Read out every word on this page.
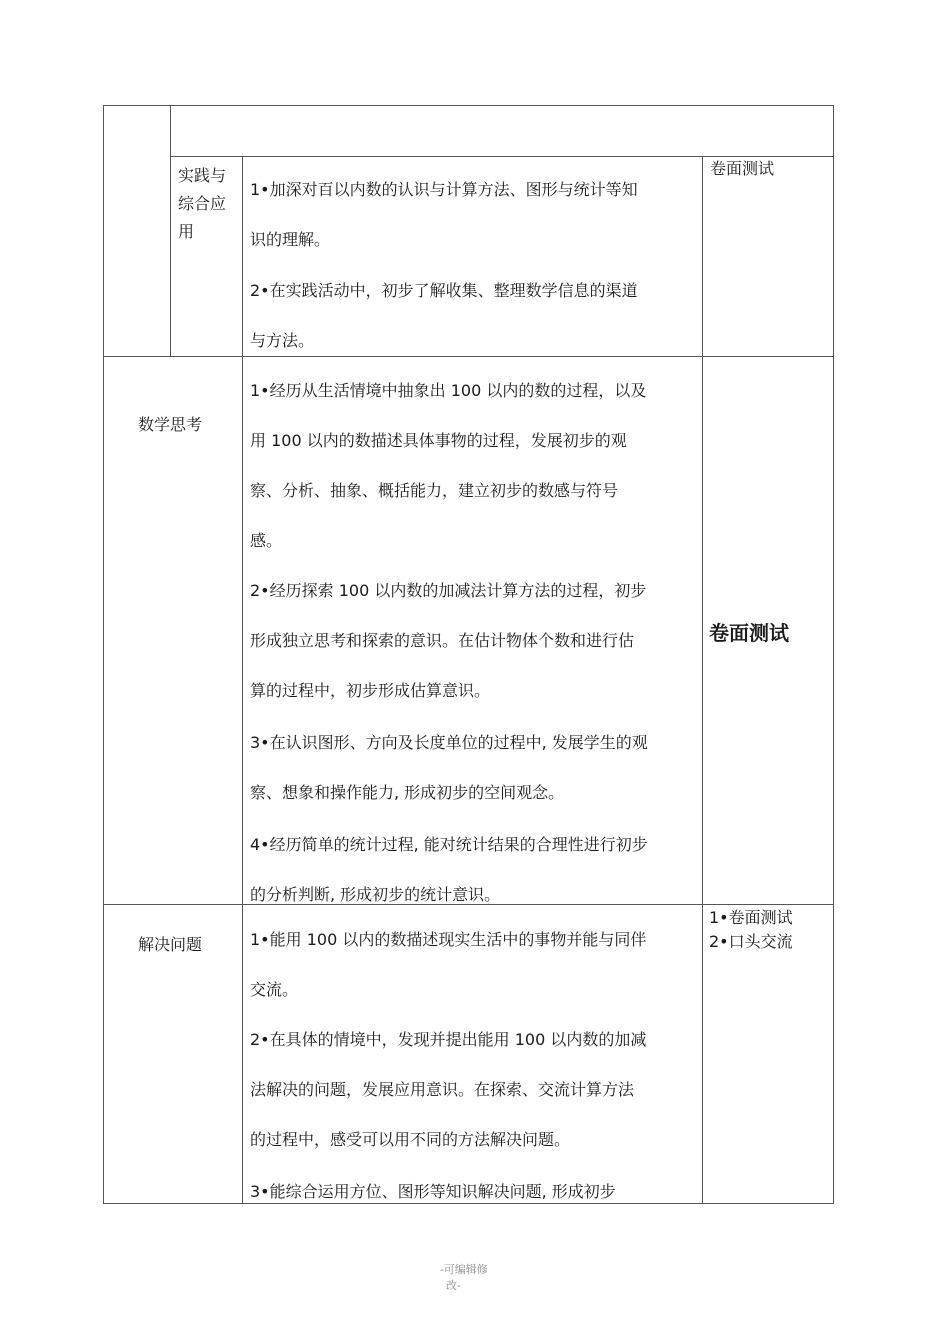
实践与
综合应
用
1•加深对百以内数的认识与计算方法、图形与统计等知
识的理解。
2•在实践活动中，初步了解收集、整理数学信息的渠道
与方法。
卷面测试
数学思考
1•经历从生活情境中抽象出 100 以内的数的过程，以及
用 100 以内的数描述具体事物的过程，发展初步的观
察、分析、抽象、概括能力，建立初步的数感与符号
感。
2•经历探索 100 以内数的加减法计算方法的过程，初步
形成独立思考和探索的意识。在估计物体个数和进行估
算的过程中，初步形成估算意识。
3•在认识图形、方向及长度单位的过程中, 发展学生的观
察、想象和操作能力, 形成初步的空间观念。
4•经历简单的统计过程, 能对统计结果的合理性进行初步
的分析判断, 形成初步的统计意识。
卷面测试
解决问题	1•能用 100 以内的数描述现实生活中的事物并能与同伴
交流。
2•在具体的情境中，发现并提出能用 100 以内数的加减
法解决的问题，发展应用意识。在探索、交流计算方法
的过程中，感受可以用不同的方法解决问题。
3•能综合运用方位、图形等知识解决问题, 形成初步
1•卷面测试
2•口头交流
-可编辑修
改-
